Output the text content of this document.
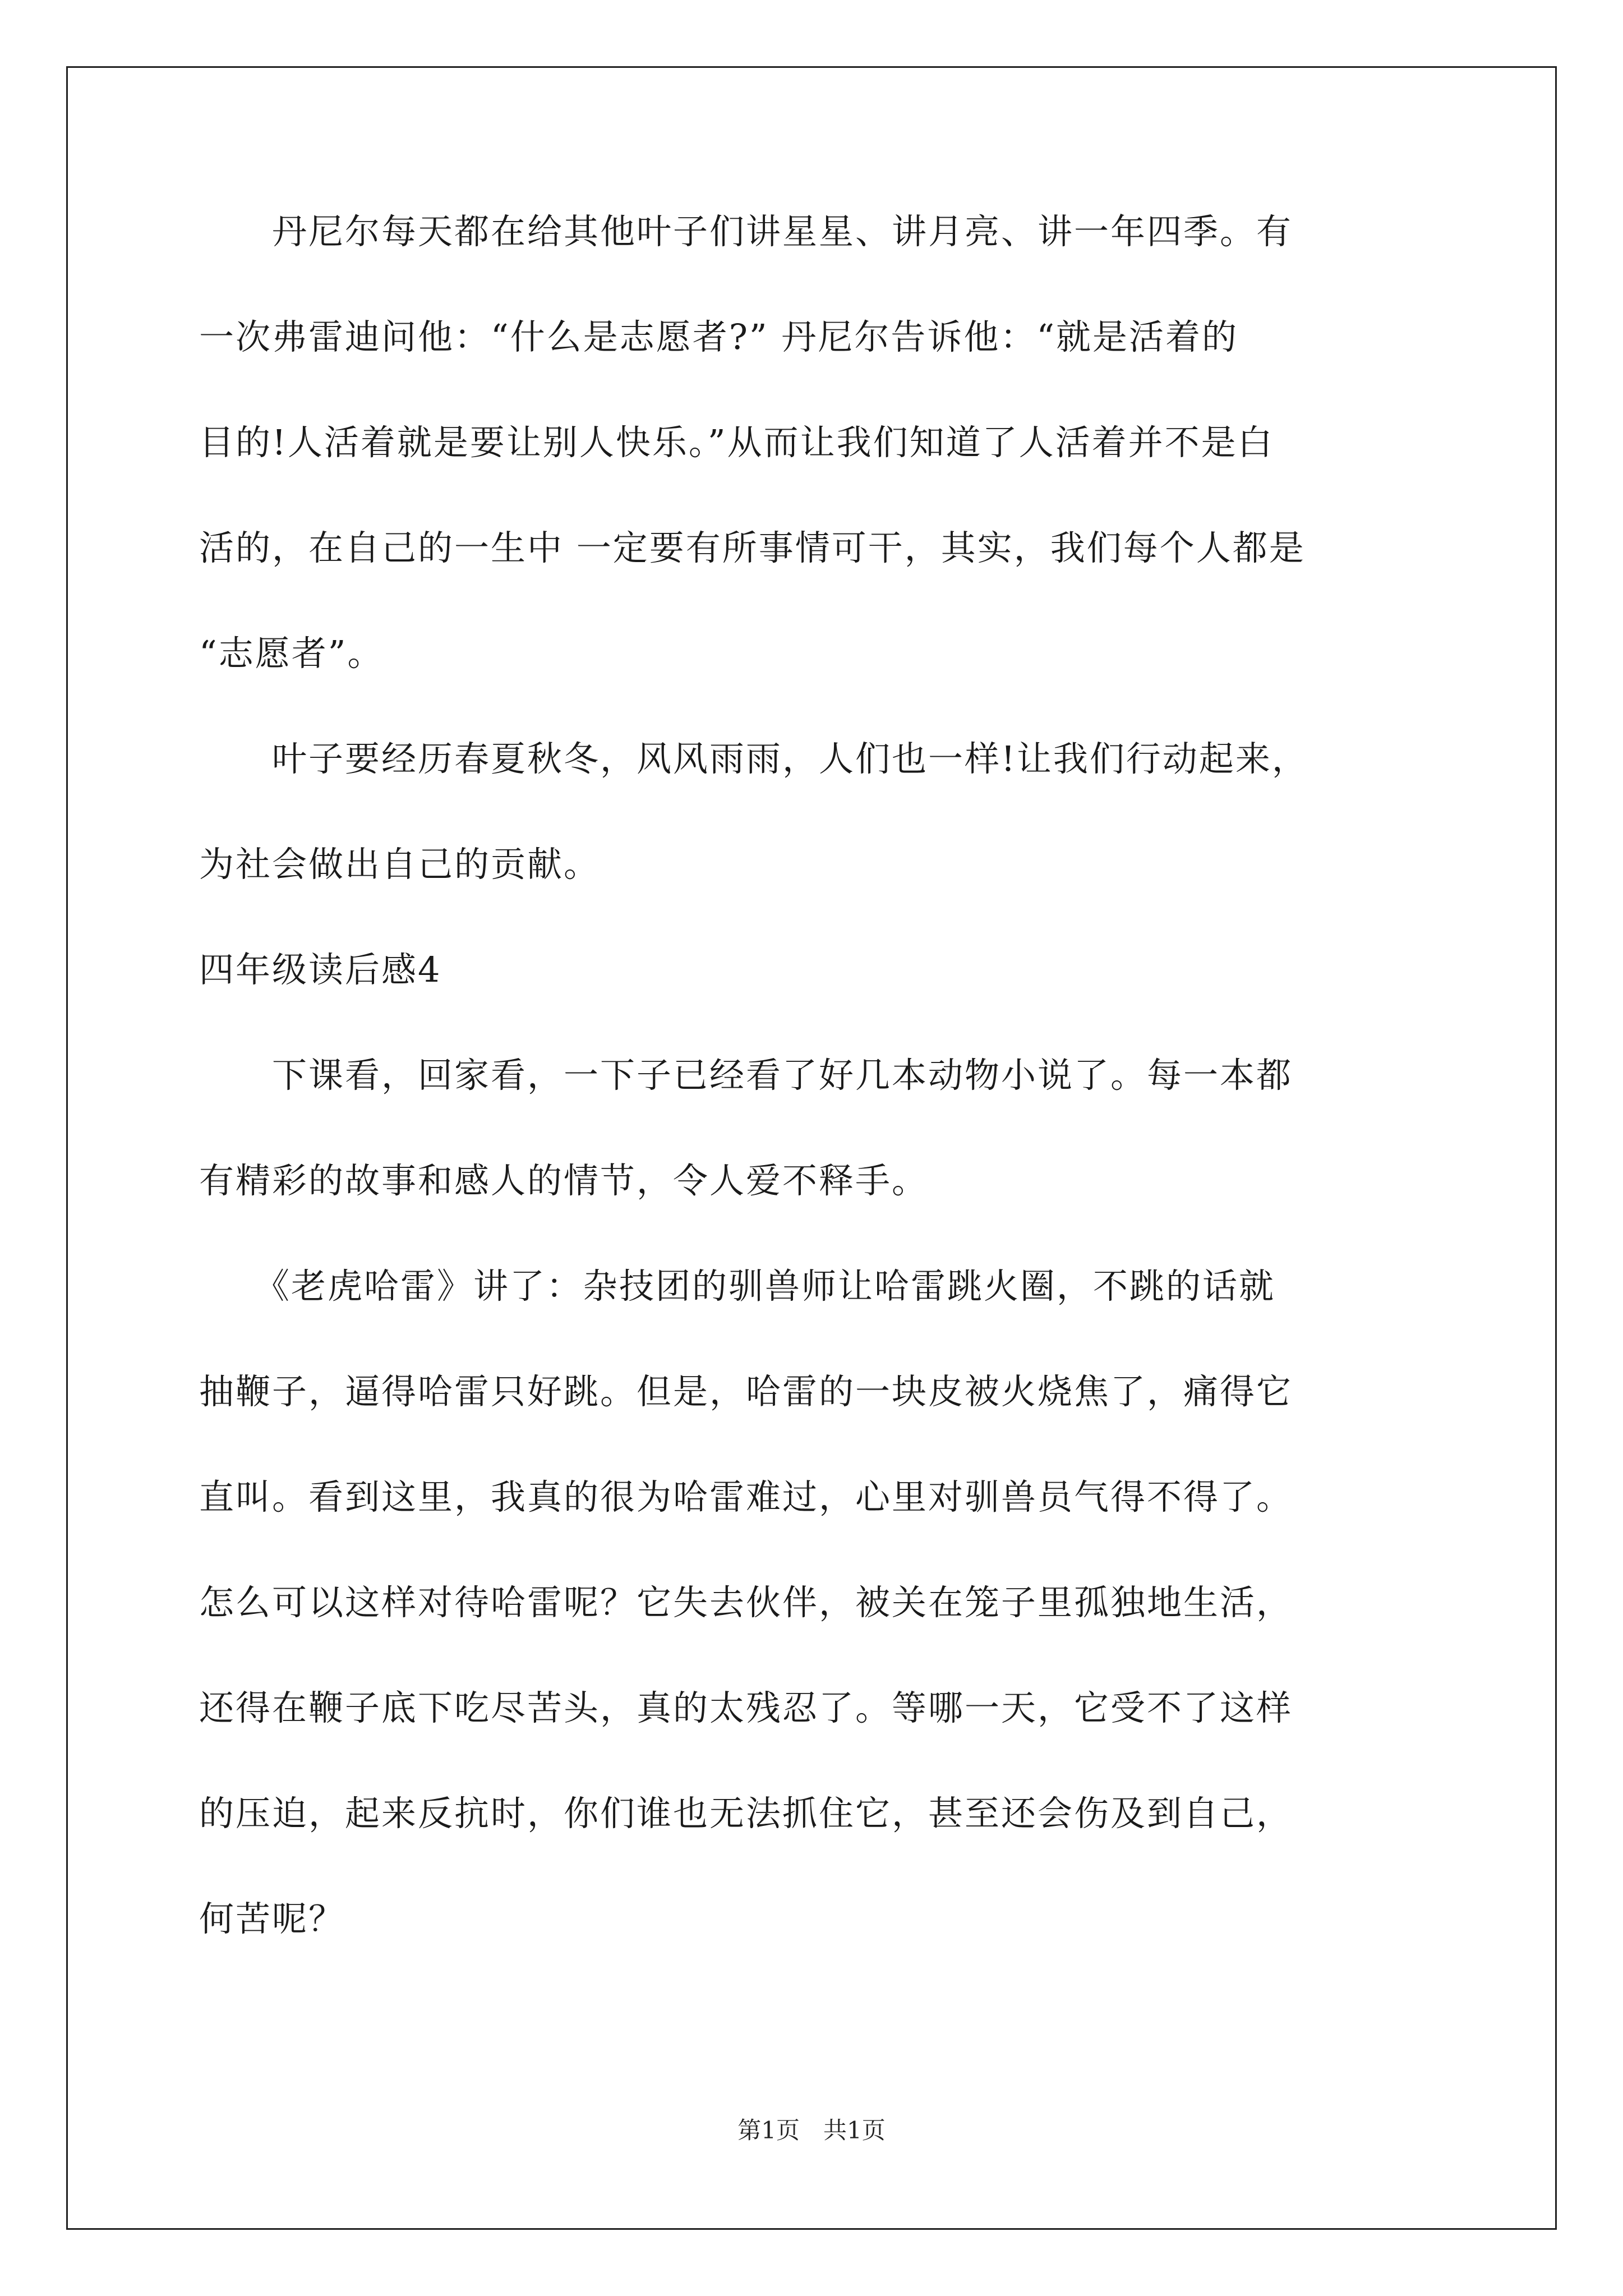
　　丹尼尔每天都在给其他叶子们讲星星、讲月亮、讲一年四季。有

一次弗雷迪问他：“什么是志愿者?” 丹尼尔告诉他：“就是活着的

目的!人活着就是要让别人快乐。”从而让我们知道了人活着并不是白

活的，在自己的一生中 一定要有所事情可干，其实，我们每个人都是

“志愿者”。

　　叶子要经历春夏秋冬，风风雨雨，人们也一样!让我们行动起来，

为社会做出自己的贡献。

四年级读后感4

　　下课看，回家看，一下子已经看了好几本动物小说了。每一本都

有精彩的故事和感人的情节，令人爱不释手。

　　《老虎哈雷》讲了：杂技团的驯兽师让哈雷跳火圈，不跳的话就

抽鞭子，逼得哈雷只好跳。但是，哈雷的一块皮被火烧焦了，痛得它

直叫。看到这里，我真的很为哈雷难过，心里对驯兽员气得不得了。

怎么可以这样对待哈雷呢？它失去伙伴，被关在笼子里孤独地生活，

还得在鞭子底下吃尽苦头，真的太残忍了。等哪一天，它受不了这样

的压迫，起来反抗时，你们谁也无法抓住它，甚至还会伤及到自己，

何苦呢？

第1页　共1页
